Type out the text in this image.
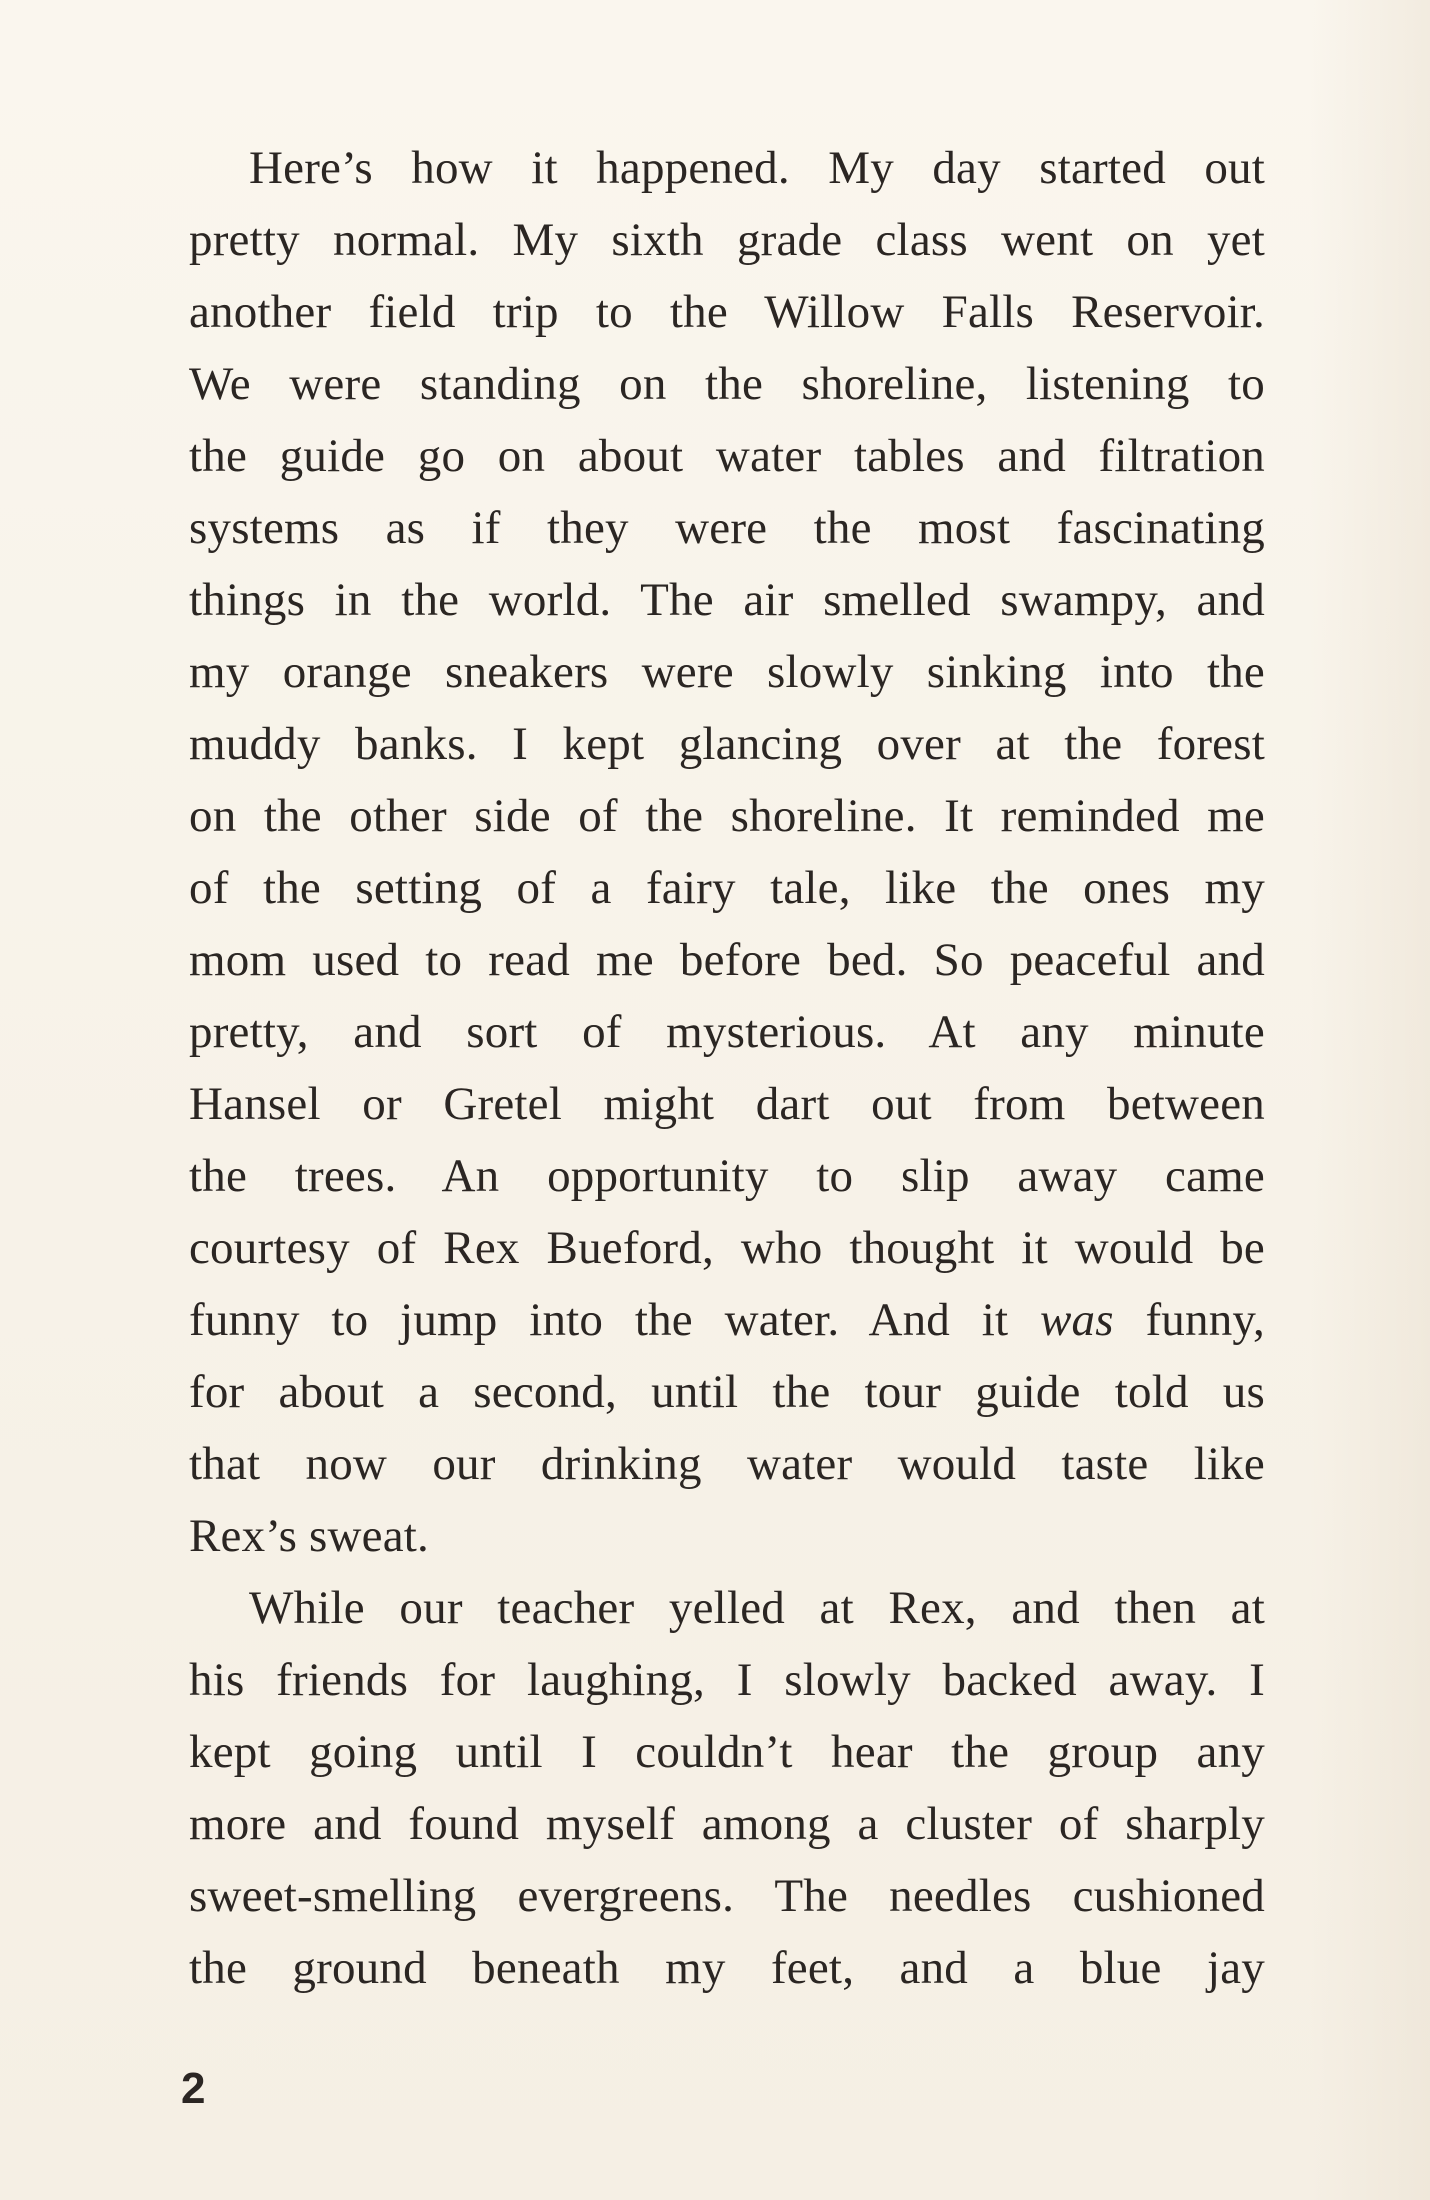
Here’s how it happened. My day started out
pretty normal. My sixth grade class went on yet
another field trip to the Willow Falls Reservoir.
We were standing on the shoreline, listening to
the guide go on about water tables and filtration
systems as if they were the most fascinating
things in the world. The air smelled swampy, and
my orange sneakers were slowly sinking into the
muddy banks. I kept glancing over at the forest
on the other side of the shoreline. It reminded me
of the setting of a fairy tale, like the ones my
mom used to read me before bed. So peaceful and
pretty, and sort of mysterious. At any minute
Hansel or Gretel might dart out from between
the trees. An opportunity to slip away came
courtesy of Rex Bueford, who thought it would be
funny to jump into the water. And it was funny,
for about a second, until the tour guide told us
that now our drinking water would taste like
Rex’s sweat.
While our teacher yelled at Rex, and then at
his friends for laughing, I slowly backed away. I
kept going until I couldn’t hear the group any
more and found myself among a cluster of sharply
sweet-smelling evergreens. The needles cushioned
the ground beneath my feet, and a blue jay
2
